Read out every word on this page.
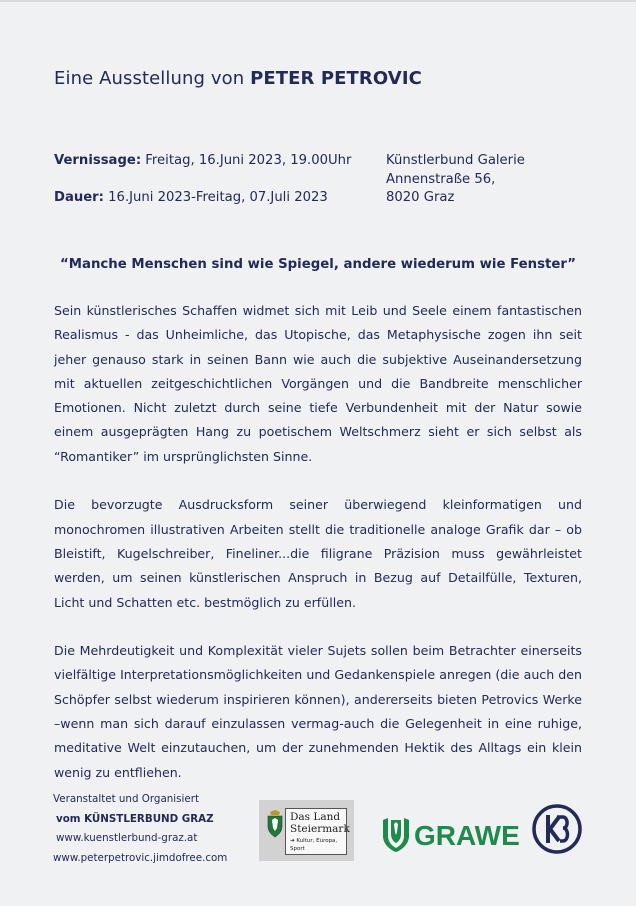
Eine Ausstellung von PETER PETROVIC
Vernissage: Freitag, 16.Juni 2023, 19.00Uhr
Dauer: 16.Juni 2023-Freitag, 07.Juli 2023
Künstlerbund Galerie
Annenstraße 56,
8020 Graz
“Manche Menschen sind wie Spiegel, andere wiederum wie Fenster”

Sein künstlerisches Schaffen widmet sich mit Leib und Seele einem fantastischen Realismus - das Unheimliche, das Utopische, das Metaphysische zogen ihn seit jeher genauso stark in seinen Bann wie auch die subjektive Auseinandersetzung mit aktuellen zeitgeschichtlichen Vorgängen und die Bandbreite menschlicher Emotionen. Nicht zuletzt durch seine tiefe Verbundenheit mit der Natur sowie einem ausgeprägten Hang zu poetischem Weltschmerz sieht er sich selbst als “Romantiker” im ursprünglichsten Sinne.

Die bevorzugte Ausdrucksform seiner überwiegend kleinformatigen und monochromen illustrativen Arbeiten stellt die traditionelle analoge Grafik dar – ob Bleistift, Kugelschreiber, Fineliner...die filigrane Präzision muss gewährleistet werden, um seinen künstlerischen Anspruch in Bezug auf Detailfülle, Texturen, Licht und Schatten etc. bestmöglich zu erfüllen.

Die Mehrdeutigkeit und Komplexität vieler Sujets sollen beim Betrachter einerseits vielfältige Interpretationsmöglichkeiten und Gedankenspiele anregen (die auch den Schöpfer selbst wiederum inspirieren können), andererseits bieten Petrovics Werke –wenn man sich darauf einzulassen vermag-auch die Gelegenheit in eine ruhige, meditative Welt einzutauchen, um der zunehmenden Hektik des Alltags ein klein wenig zu entfliehen.

Veranstaltet und Organisiert
vom KÜNSTLERBUND GRAZ
www.kuenstlerbund-graz.at
www.peterpetrovic.jimdofree.com
Das Land
Steiermark
➜ Kultur, Europa, Sport	GRAWE
